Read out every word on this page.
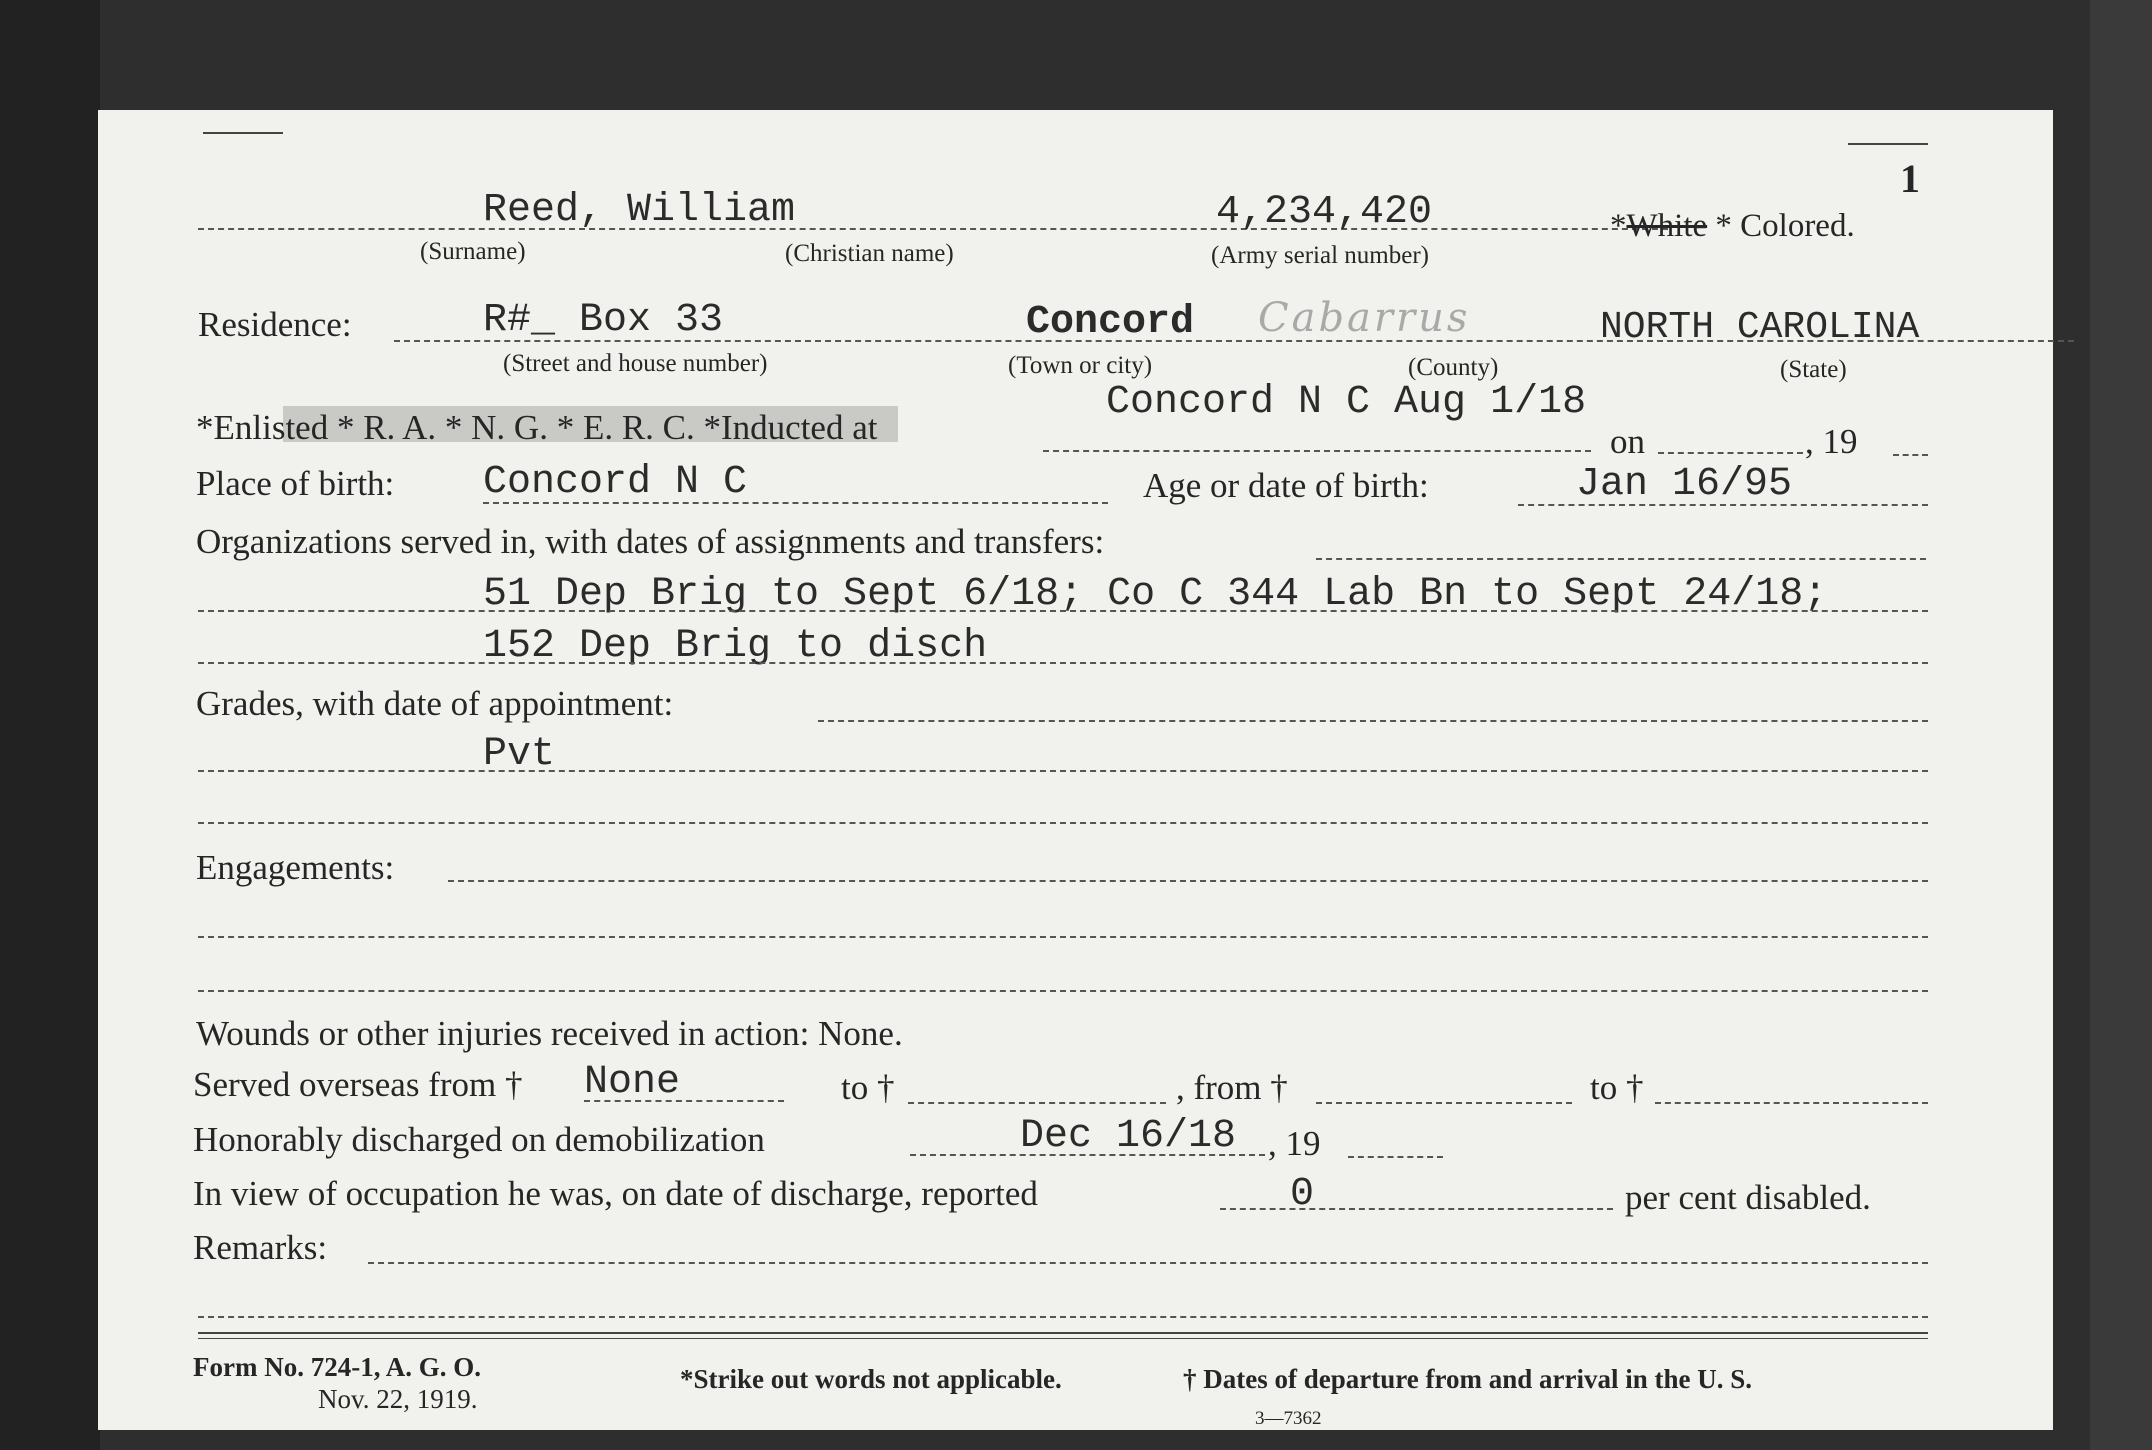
1
Reed, William	4,234,420	*White * Colored.
(Surname)	(Christian name)	(Army serial number)
Residence:	R#_ Box 33	Concord Cabarrus	NORTH CAROLINA
(Street and house number)	(Town or city)	(County)	(State)
*Enlisted * R. A. * N. G. * E. R. C. *Inducted at
Concord N C Aug 1/18
on	, 19
Place of birth: Concord N C	Age or date of birth:	Jan 16/95
Organizations served in, with dates of assignments and transfers:
51 Dep Brig to Sept 6/18; Co C 344 Lab Bn to Sept 24/18;
152 Dep Brig to disch
Grades, with date of appointment:
Pvt
Engagements:
Wounds or other injuries received in action: None.
Served overseas from † None	to †	, from †	to †
Honorably discharged on demobilization	Dec 16/18 , 19
In view of occupation he was, on date of discharge, reported	0	per cent disabled.
Remarks:
Form No. 724-1, A. G. O.
Nov. 22, 1919.
*Strike out words not applicable.	† Dates of departure from and arrival in the U. S.
3—7362
